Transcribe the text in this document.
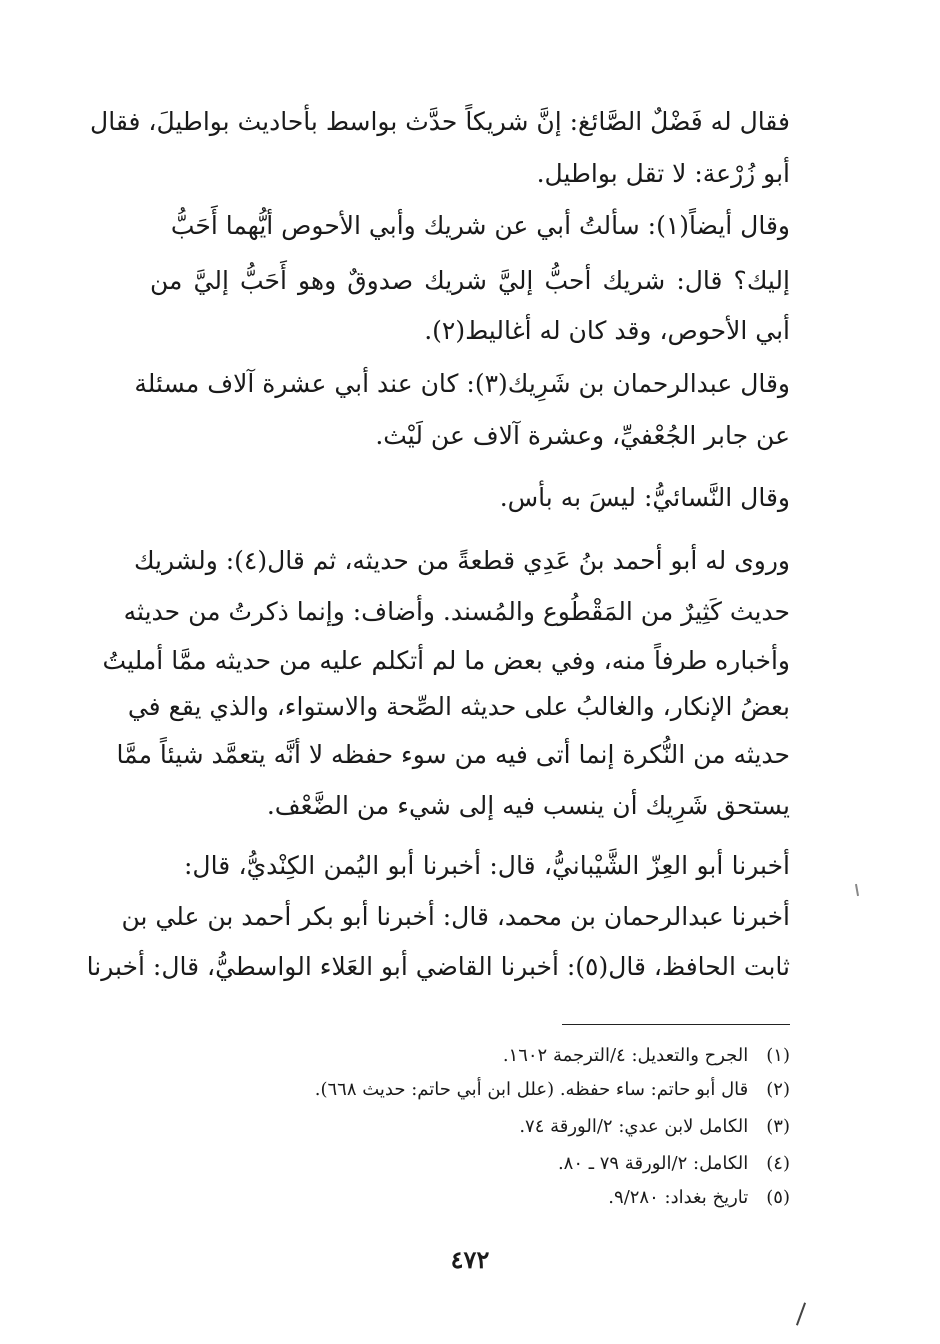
فقال له فَضْلٌ الصَّائغ: إنَّ شريكاً حدَّث بواسط بأحاديث بواطيلَ، فقال
أبو زُرْعة: لا تقل بواطيل.
وقال أيضاً(١): سألتُ أبي عن شريك وأبي الأحوص أيُّهما أَحَبُّ
إليك؟ قال: شريك أحبُّ إليَّ شريك صدوقٌ وهو أَحَبُّ إليَّ من
أبي الأحوص، وقد كان له أغاليط(٢).
وقال عبدالرحمان بن شَرِيك(٣): كان عند أبي عشرة آلاف مسئلة
عن جابر الجُعْفيِّ، وعشرة آلاف عن لَيْث.
وقال النَّسائيُّ: ليسَ به بأس.
وروى له أبو أحمد بنُ عَدِي قطعةً من حديثه، ثم قال(٤): ولشريك
حديث كَثِيرٌ من المَقْطُوع والمُسند. وأضاف: وإنما ذكرتُ من حديثه
وأخباره طرفاً منه، وفي بعض ما لم أتكلم عليه من حديثه ممَّا أمليتُ
بعضُ الإنكار، والغالبُ على حديثه الصِّحة والاستواء، والذي يقع في
حديثه من النُّكرة إنما أتى فيه من سوء حفظه لا أنَّه يتعمَّد شيئاً ممَّا
يستحق شَرِيك أن ينسب فيه إلى شيء من الضَّعْف.
أخبرنا أبو العِزّ الشَّيْبانيُّ، قال: أخبرنا أبو اليُمن الكِنْديُّ، قال:
أخبرنا عبدالرحمان بن محمد، قال: أخبرنا أبو بكر أحمد بن علي بن
ثابت الحافظ، قال(٥): أخبرنا القاضي أبو العَلاء الواسطيُّ، قال: أخبرنا
(١) الجرح والتعديل: ٤/الترجمة ١٦٠٢.
(٢) قال أبو حاتم: ساء حفظه. (علل ابن أبي حاتم: حديث ٦٦٨).
(٣) الكامل لابن عدي: ٢/الورقة ٧٤.
(٤) الكامل: ٢/الورقة ٧٩ ـ ٨٠.
(٥) تاريخ بغداد: ٩/٢٨٠.
٤٧٢
